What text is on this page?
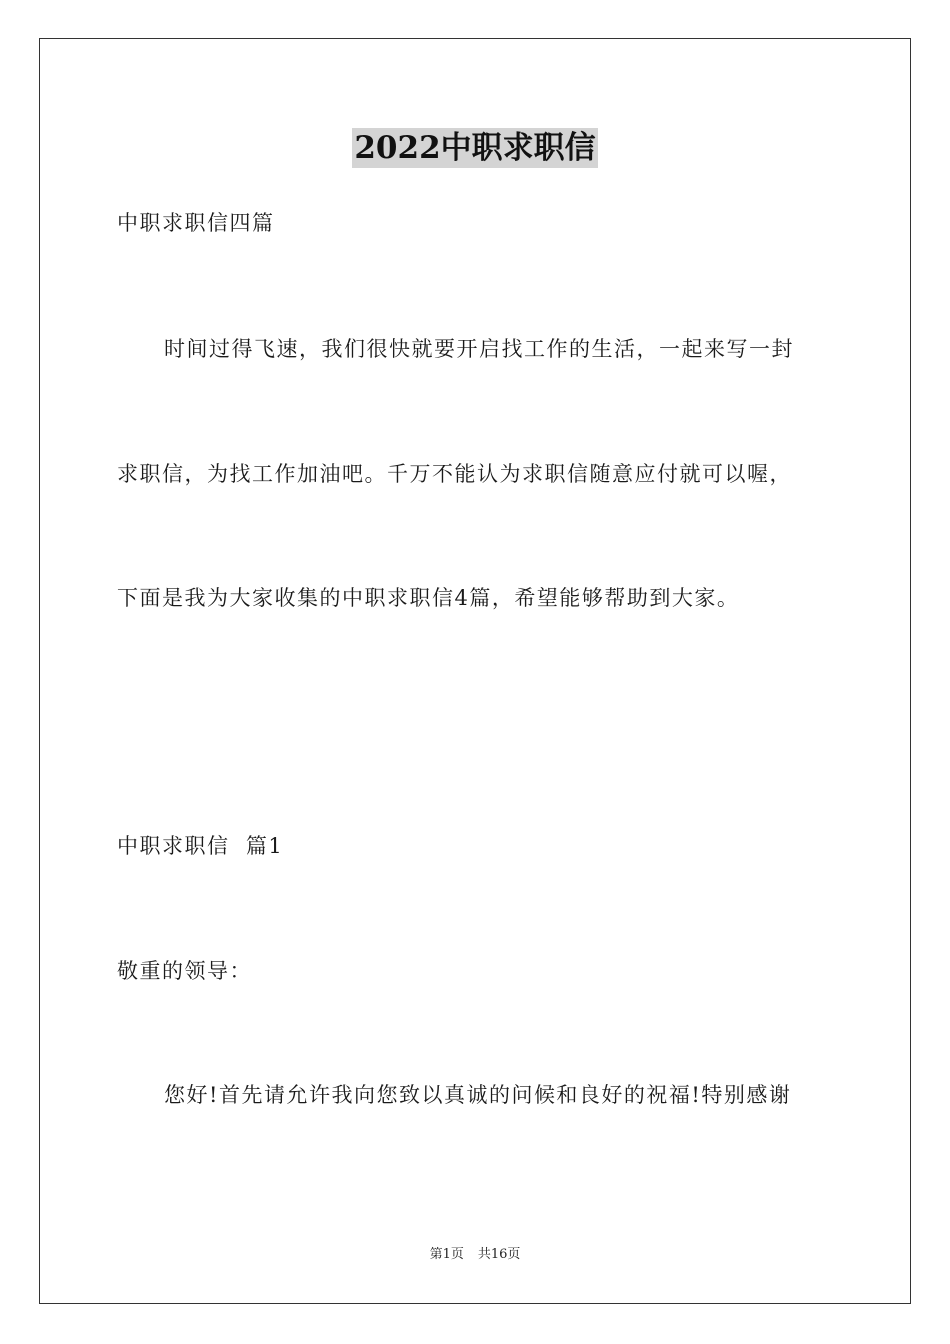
2022中职求职信
中职求职信四篇
时间过得飞速，我们很快就要开启找工作的生活，一起来写一封
求职信，为找工作加油吧。千万不能认为求职信随意应付就可以喔，
下面是我为大家收集的中职求职信4篇，希望能够帮助到大家。
中职求职信  篇1
敬重的领导：
您好!首先请允许我向您致以真诚的问候和良好的祝福!特别感谢
第1页 共16页
